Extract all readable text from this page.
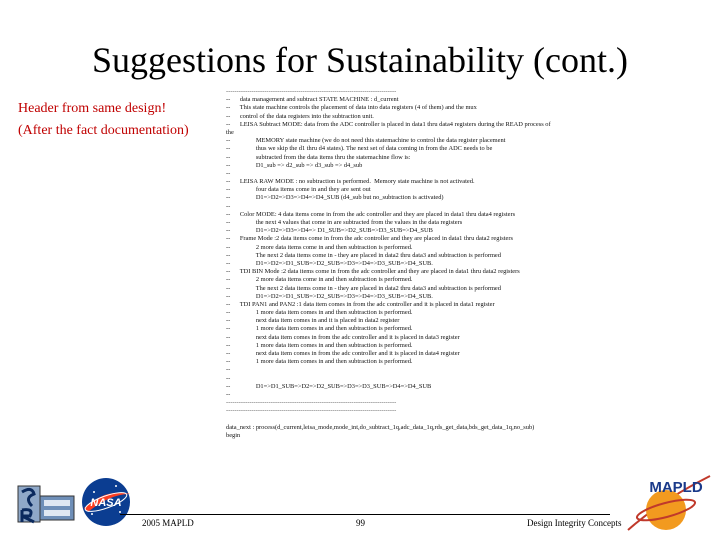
Suggestions for Sustainability (cont.)
Header from same design!
(After the fact documentation)
--------------------------------------------------------------------------------
--      data management and subtract STATE MACHINE : d_current
--      This state machine controls the placement of data into data registers (4 of them) and the mux
--      control of the data registers into the subtraction unit.
--      LEISA Subtract MODE: data from the ADC controller is placed in data1 thru data4 registers during the READ process of
the
--                MEMORY state machine (we do not need this statemachine to control the data register placement
--                thus we skip the d1 thru d4 states). The next set of data coming in from the ADC needs to be
--                subtracted from the data items thru the statemachine flow is:
--                D1_sub => d2_sub => d3_sub => d4_sub
--
--      LEISA RAW MODE : no subtraction is performed.  Memory state machine is not activated.
--                four data items come in and they are sent out
--                D1=>D2=>D3=>D4=>D4_SUB (d4_sub but no_subtraction is activated)
--
--      Color MODE: 4 data items come in from the adc controller and they are placed in data1 thru data4 registers
--                the next 4 values that come in are subtracted from the values in the data registers
--                D1=>D2=>D3=>D4=> D1_SUB=>D2_SUB=>D3_SUB=>D4_SUB
--      Frame Mode :2 data items come in from the adc controller and they are placed in data1 thru data2 registers
--                2 more data items come in and then subtraction is performed.
--                The next 2 data items come in - they are placed in data2 thru data3 and subtraction is performed
--                D1=>D2=>D1_SUB=>D2_SUB=>D3=>D4=>D3_SUB=>D4_SUB.
--      TDI BIN Mode :2 data items come in from the adc controller and they are placed in data1 thru data2 registers
--                2 more data items come in and then subtraction is performed.
--                The next 2 data items come in - they are placed in data2 thru data3 and subtraction is performed
--                D1=>D2=>D1_SUB=>D2_SUB=>D3=>D4=>D3_SUB=>D4_SUB.
--      TDI PAN1 and PAN2 :1 data item comes in from the adc controller and it is placed in data1 register
--                1 more data item comes in and then subtraction is performed.
--                next data item comes in and it is placed in data2 register
--                1 more data item comes in and then subtraction is performed.
--                next data item comes in from the adc controller and it is placed in data3 register
--                1 more data item comes in and then subtraction is performed.
--                next data item comes in from the adc controller and it is placed in data4 register
--                1 more data item comes in and then subtraction is performed.
--
--
--                D1=>D1_SUB=>D2=>D2_SUB=>D3=>D3_SUB=>D4=>D4_SUB
--
--------------------------------------------------------------------------------
--------------------------------------------------------------------------------
data_next : process(d_current,leisa_mode,mode_int,do_subtract_1q,adc_data_1q,rds_get_data,bds_get_data_1q,no_sub)
begin
NASA
MAPLD
2005 MAPLD	99	Design Integrity Concepts
